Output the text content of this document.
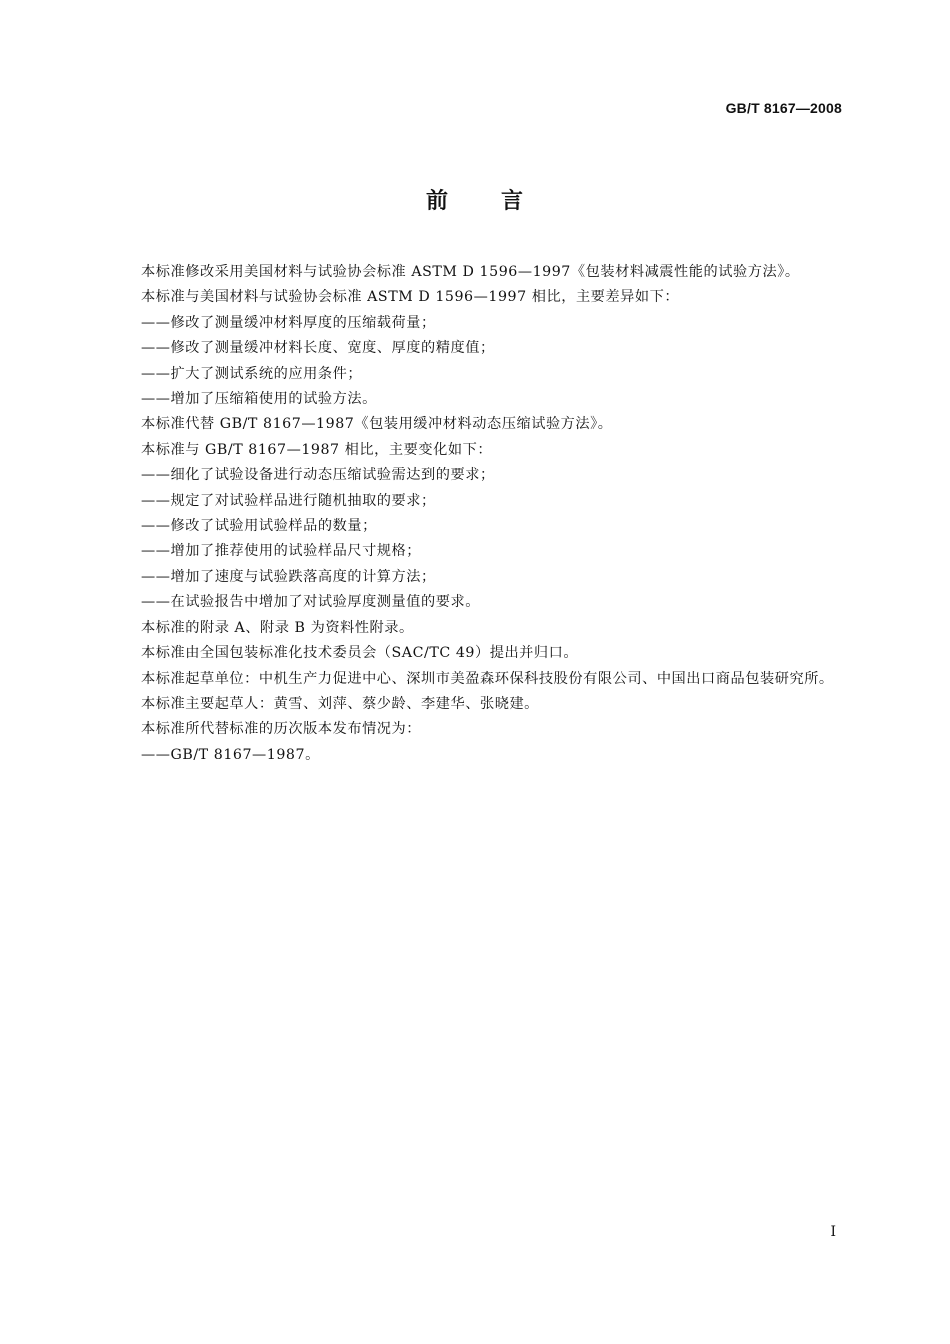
GB/T 8167—2008
前 言

本标准修改采用美国材料与试验协会标准 ASTM D 1596—1997《包装材料减震性能的试验方法》。

本标准与美国材料与试验协会标准 ASTM D 1596—1997 相比，主要差异如下：

——修改了测量缓冲材料厚度的压缩载荷量；

——修改了测量缓冲材料长度、宽度、厚度的精度值；

——扩大了测试系统的应用条件；

——增加了压缩箱使用的试验方法。

本标准代替 GB/T 8167—1987《包装用缓冲材料动态压缩试验方法》。

本标准与 GB/T 8167—1987 相比，主要变化如下：

——细化了试验设备进行动态压缩试验需达到的要求；

——规定了对试验样品进行随机抽取的要求；

——修改了试验用试验样品的数量；

——增加了推荐使用的试验样品尺寸规格；

——增加了速度与试验跌落高度的计算方法；

——在试验报告中增加了对试验厚度测量值的要求。

本标准的附录 A、附录 B 为资料性附录。

本标准由全国包装标准化技术委员会（SAC/TC 49）提出并归口。

本标准起草单位：中机生产力促进中心、深圳市美盈森环保科技股份有限公司、中国出口商品包装研究所。

本标准主要起草人：黄雪、刘萍、蔡少龄、李建华、张晓建。

本标准所代替标准的历次版本发布情况为：

——GB/T 8167—1987。

I
